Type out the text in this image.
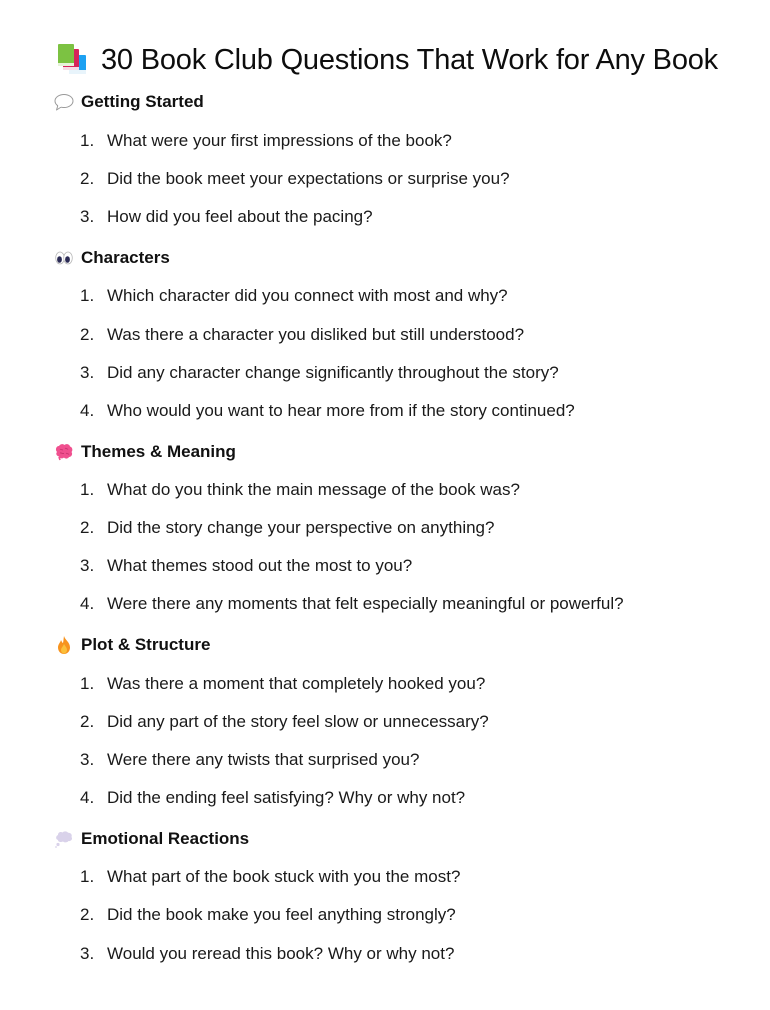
30 Book Club Questions That Work for Any Book
Getting Started
1. What were your first impressions of the book?
2. Did the book meet your expectations or surprise you?
3. How did you feel about the pacing?
Characters
1. Which character did you connect with most and why?
2. Was there a character you disliked but still understood?
3. Did any character change significantly throughout the story?
4. Who would you want to hear more from if the story continued?
Themes & Meaning
1. What do you think the main message of the book was?
2. Did the story change your perspective on anything?
3. What themes stood out the most to you?
4. Were there any moments that felt especially meaningful or powerful?
Plot & Structure
1. Was there a moment that completely hooked you?
2. Did any part of the story feel slow or unnecessary?
3. Were there any twists that surprised you?
4. Did the ending feel satisfying? Why or why not?
Emotional Reactions
1. What part of the book stuck with you the most?
2. Did the book make you feel anything strongly?
3. Would you reread this book? Why or why not?
